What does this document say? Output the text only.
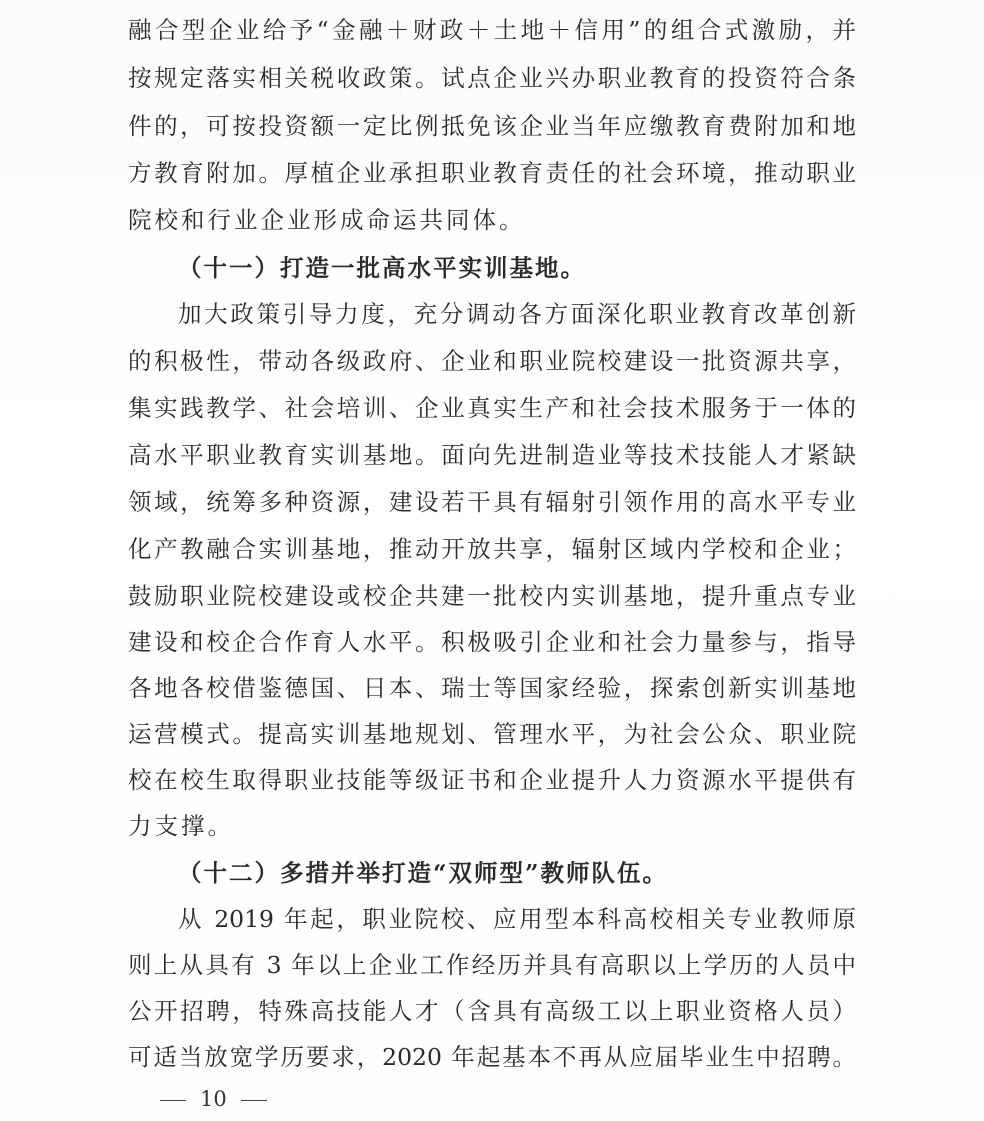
融合型企业给予“金融＋财政＋土地＋信用”的组合式激励，并
按规定落实相关税收政策。试点企业兴办职业教育的投资符合条
件的，可按投资额一定比例抵免该企业当年应缴教育费附加和地
方教育附加。厚植企业承担职业教育责任的社会环境，推动职业
院校和行业企业形成命运共同体。
（十一）打造一批高水平实训基地。
加大政策引导力度，充分调动各方面深化职业教育改革创新
的积极性，带动各级政府、企业和职业院校建设一批资源共享，
集实践教学、社会培训、企业真实生产和社会技术服务于一体的
高水平职业教育实训基地。面向先进制造业等技术技能人才紧缺
领域，统筹多种资源，建设若干具有辐射引领作用的高水平专业
化产教融合实训基地，推动开放共享，辐射区域内学校和企业；
鼓励职业院校建设或校企共建一批校内实训基地，提升重点专业
建设和校企合作育人水平。积极吸引企业和社会力量参与，指导
各地各校借鉴德国、日本、瑞士等国家经验，探索创新实训基地
运营模式。提高实训基地规划、管理水平，为社会公众、职业院
校在校生取得职业技能等级证书和企业提升人力资源水平提供有
力支撑。
（十二）多措并举打造“双师型”教师队伍。
从 2019 年起，职业院校、应用型本科高校相关专业教师原
则上从具有 3 年以上企业工作经历并具有高职以上学历的人员中
公开招聘，特殊高技能人才（含具有高级工以上职业资格人员）
可适当放宽学历要求，2020 年起基本不再从应届毕业生中招聘。
10
